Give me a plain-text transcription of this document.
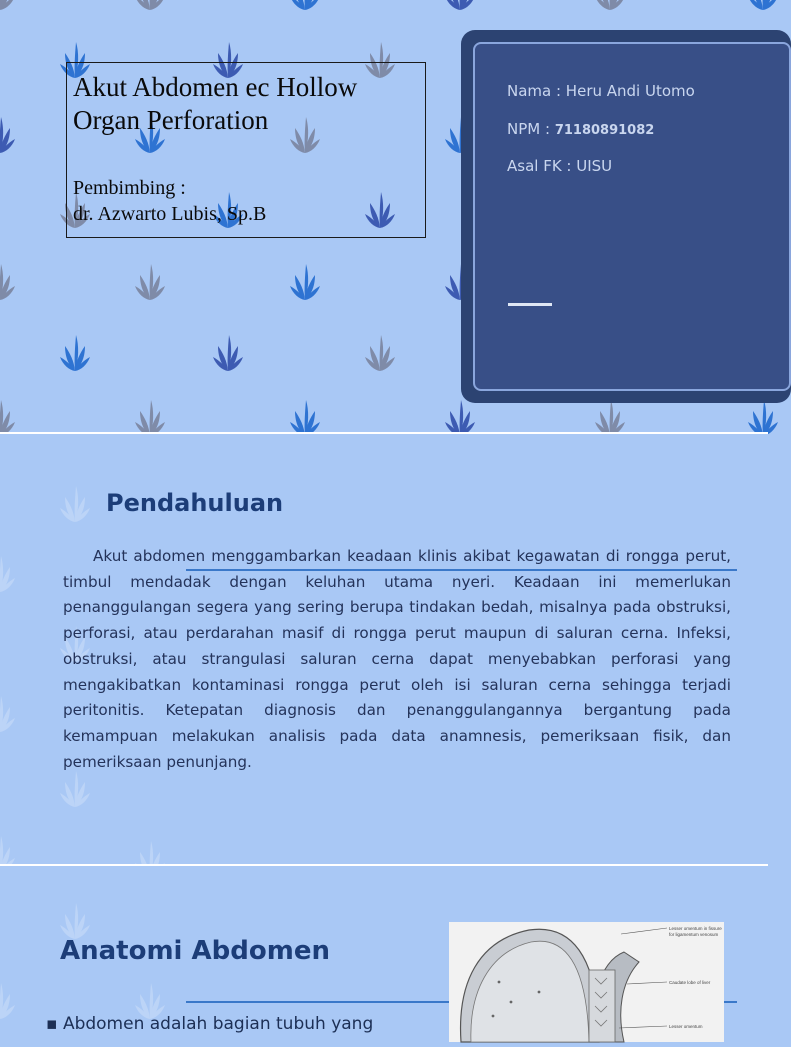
Akut Abdomen ec Hollow Organ Perforation
Pembimbing :
dr. Azwarto Lubis, Sp.B
Nama : Heru Andi Utomo
NPM : 71180891082
Asal FK : UISU
Pendahuluan

Akut abdomen menggambarkan keadaan klinis akibat kegawatan di rongga perut, timbul mendadak dengan keluhan utama nyeri. Keadaan ini memerlukan penanggulangan segera yang sering berupa tindakan bedah, misalnya pada obstruksi, perforasi, atau perdarahan masif di rongga perut maupun di saluran cerna. Infeksi, obstruksi, atau strangulasi saluran cerna dapat menyebabkan perforasi yang mengakibatkan kontaminasi rongga perut oleh isi saluran cerna sehingga terjadi peritonitis. Ketepatan diagnosis dan penanggulangannya bergantung pada kemampuan melakukan analisis pada data anamnesis, pemeriksaan fisik, dan pemeriksaan penunjang.

Anatomi Abdomen
Lesser omentum in fissure
for ligamentum venosum
Caudate lobe of liver
Lesser omentum
▪ Abdomen adalah bagian tubuh yang
